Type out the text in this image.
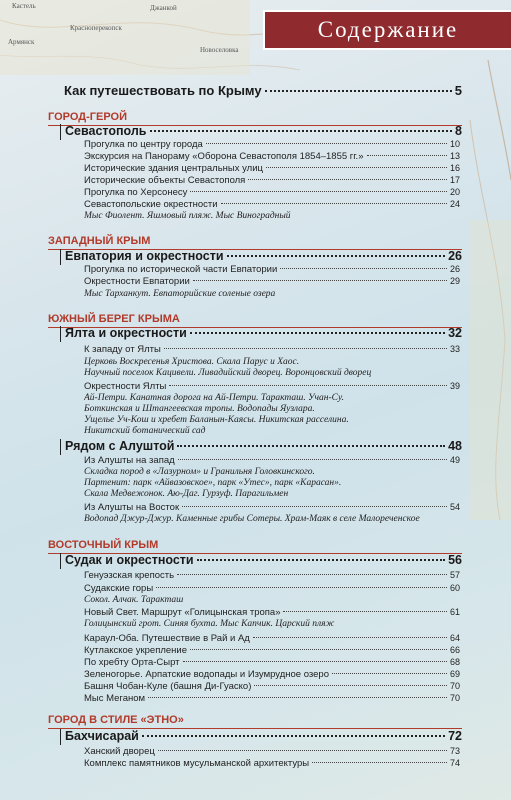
Кастель
Красноперекопск
Джанкой
Новоселовка
Армянск	Содержание
Как путешествовать по Крыму	5
ГОРОД-ГЕРОЙ
Севастополь	8
Прогулка по центру города	10
Экскурсия на Панораму «Оборона Севастополя 1854–1855 гг.»	13
Исторические здания центральных улиц	16
Исторические объекты Севастополя	17
Прогулка по Херсонесу	20
Севастопольские окрестности	24
Мыс Фиолент. Яшмовый пляж. Мыс Виноградный
ЗАПАДНЫЙ КРЫМ
Евпатория и окрестности	26
Прогулка по исторической части Евпатории	26
Окрестности Евпатории	29
Мыс Тарханкут. Евпаторийские соленые озера
ЮЖНЫЙ БЕРЕГ КРЫМА
Ялта и окрестности	32
К западу от Ялты	33
Церковь Воскресенья Христова. Скала Парус и Хаос.
Научный поселок Кацивели. Ливадийский дворец. Воронцовский дворец
Окрестности Ялты	39
Ай-Петри. Канатная дорога на Ай-Петри. Таракташ. Учан-Су.
Боткинская и Штангеевская тропы. Водопады Яузлара.
Ущелье Уч-Кош и хребет Баланын-Каясы. Никитская расселина.
Никитский ботанический сад
Рядом с Алуштой	48
Из Алушты на запад	49
Складка пород в «Лазурном» и Гранильня Головкинского.
Партенит: парк «Айвазовское», парк «Утес», парк «Карасан».
Скала Медвежонок. Аю-Даг. Гурзуф. Парагильмен
Из Алушты на Восток	54
Водопад Джур-Джур. Каменные грибы Сотеры. Храм-Маяк в селе Малореченское
ВОСТОЧНЫЙ КРЫМ
Судак и окрестности	56
Генуэзская крепость	57
Судакские горы	60
Сокол. Алчак. Таракташ
Новый Свет. Маршрут «Голицынская тропа»	61
Голицынский грот. Синяя бухта. Мыс Капчик. Царский пляж
Караул-Оба. Путешествие в Рай и Ад	64
Кутлакское укрепление	66
По хребту Орта-Сырт	68
Зеленогорье. Арпатские водопады и Изумрудное озеро	69
Башня Чобан-Куле (башня Ди-Гуаско)	70
Мыс Меганом	70
ГОРОД В СТИЛЕ «ЭТНО»
Бахчисарай	72
Ханский дворец	73
Комплекс памятников мусульманской архитектуры	74
